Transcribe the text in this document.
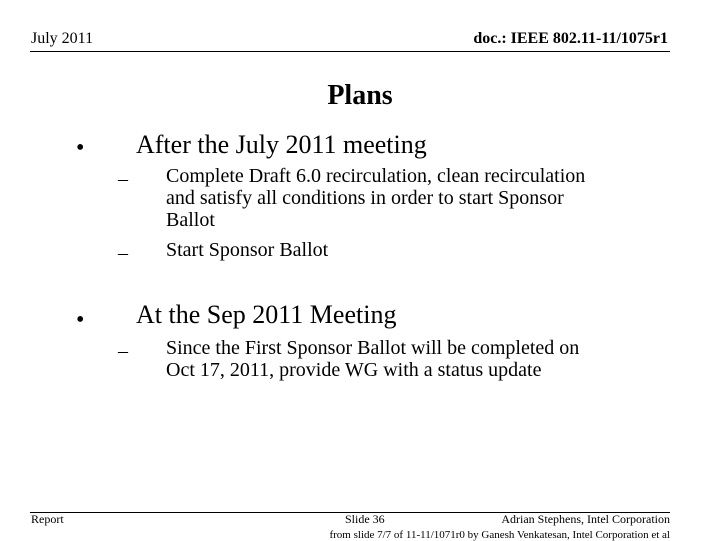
July 2011	doc.: IEEE 802.11-11/1075r1
Plans
• After the July 2011 meeting
– Complete Draft 6.0 recirculation, clean recirculation
and satisfy all conditions in order to start Sponsor
Ballot
– Start Sponsor Ballot
• At the Sep 2011 Meeting
– Since the First Sponsor Ballot will be completed on
Oct 17, 2011, provide WG with a status update
Report	Slide 36	Adrian Stephens, Intel Corporation
from slide 7/7 of 11-11/1071r0 by Ganesh Venkatesan, Intel Corporation et al
